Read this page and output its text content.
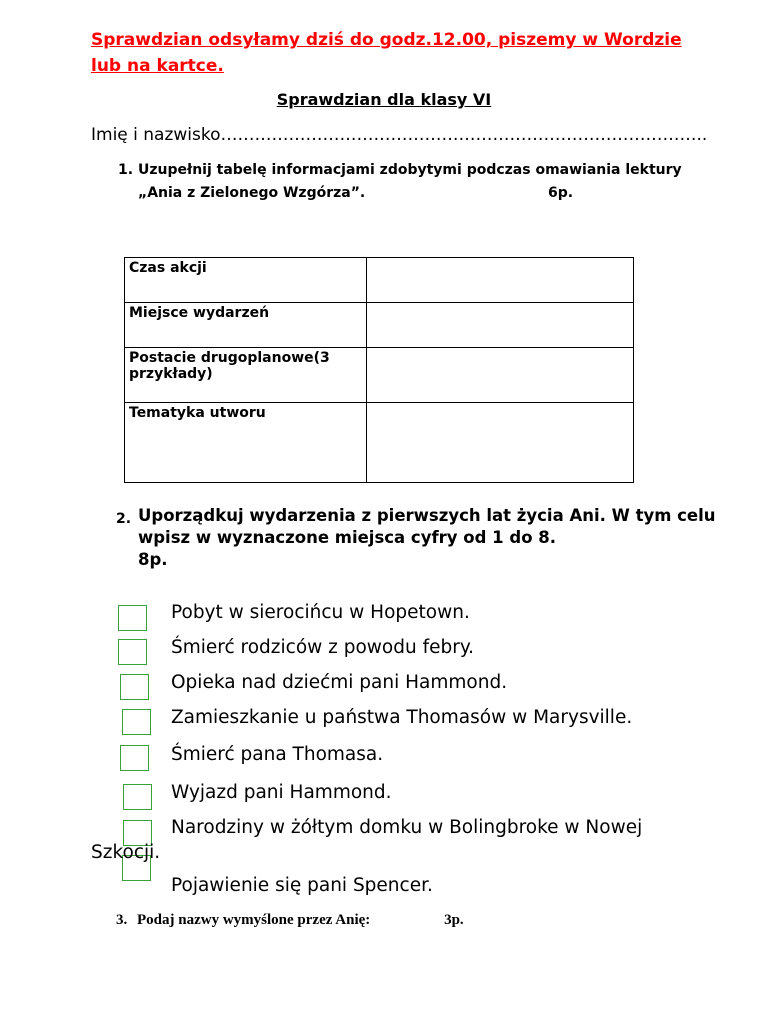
Sprawdzian odsyłamy dziś do godz.12.00, piszemy w Wordzie lub na kartce.
Sprawdzian dla klasy VI
Imię i nazwisko…………………………………………………………………………..
1. Uzupełnij tabelę informacjami zdobytymi podczas omawiania lektury „Ania z Zielonego Wzgórza”.	6p.
Czas akcji	
Miejsce wydarzeń	
Postacie drugoplanowe(3 przykłady)	
Tematyka utworu	
2. Uporządkuj wydarzenia z pierwszych lat życia Ani. W tym celu wpisz w wyznaczone miejsca cyfry od 1 do 8.
8p.
Pobyt w sierocińcu w Hopetown.
Śmierć rodziców z powodu febry.
Opieka nad dziećmi pani Hammond.
Zamieszkanie u państwa Thomasów w Marysville.
Śmierć pana Thomasa.
Wyjazd pani Hammond.
Narodziny w żółtym domku w Bolingbroke w Nowej
Szkocji.
Pojawienie się pani Spencer.
3. Podaj nazwy wymyślone przez Anię:	3p.
